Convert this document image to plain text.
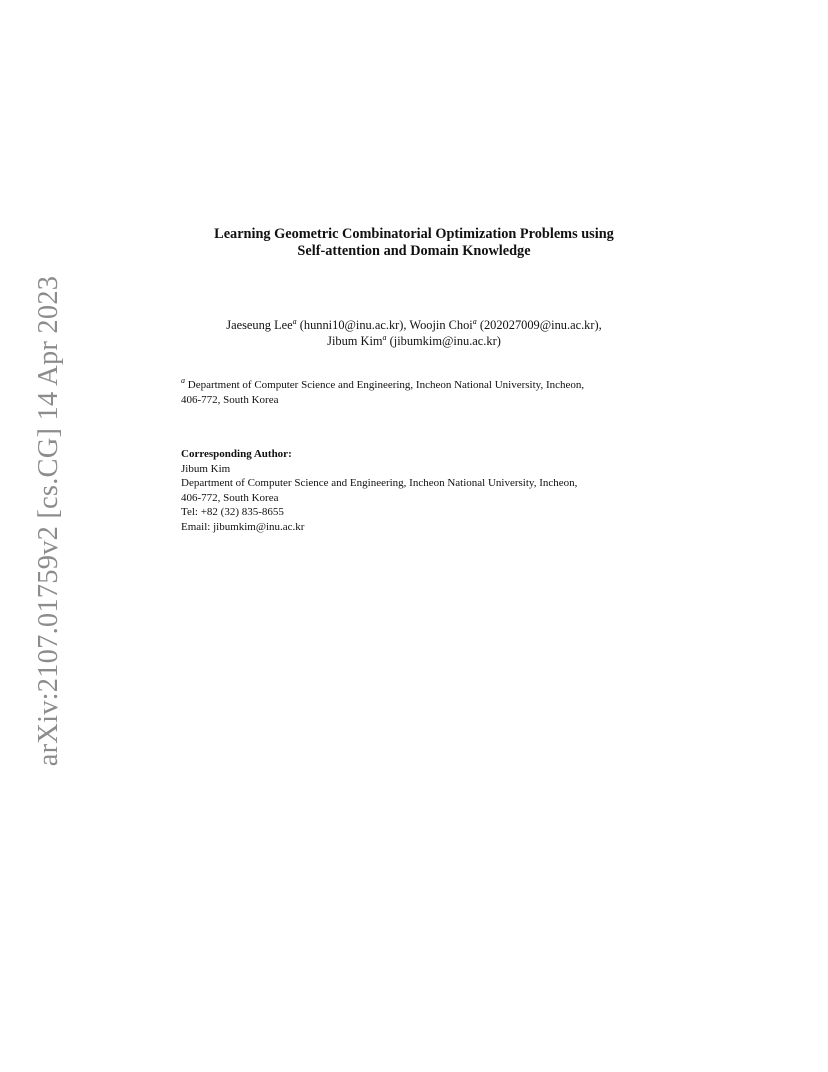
arXiv:2107.01759v2 [cs.CG] 14 Apr 2023
Learning Geometric Combinatorial Optimization Problems using
Self-attention and Domain Knowledge
Jaeseung Lee$^a$ (hunni10@inu.ac.kr), Woojin Choi$^a$ (202027009@inu.ac.kr),
Jibum Kim$^a$ (jibumkim@inu.ac.kr)
$^a$ Department of Computer Science and Engineering, Incheon National University, Incheon,
406-772, South Korea
Corresponding Author:
Jibum Kim
Department of Computer Science and Engineering, Incheon National University, Incheon,
406-772, South Korea
Tel: +82 (32) 835-8655
Email: jibumkim@inu.ac.kr
